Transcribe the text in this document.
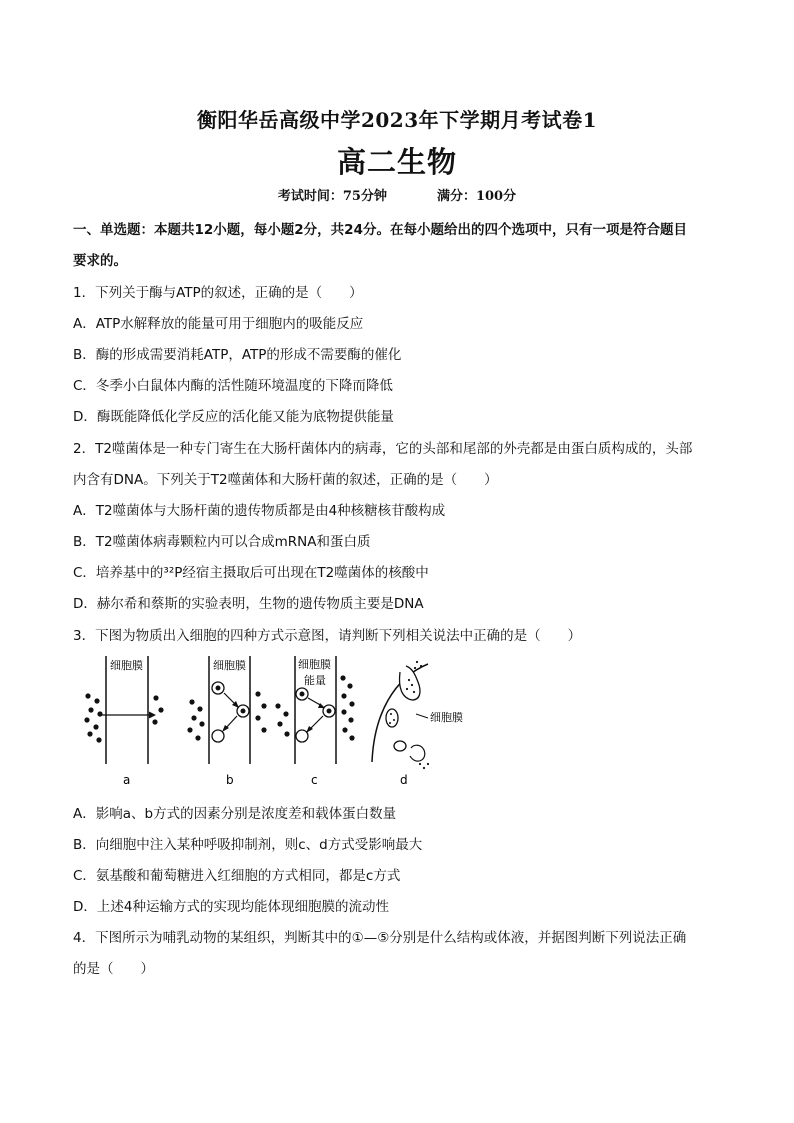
衡阳华岳高级中学2023年下学期月考试卷1
高二生物
考试时间：75分钟	满分：100分
一、单选题：本题共12小题，每小题2分，共24分。在每小题给出的四个选项中，只有一项是符合题目
要求的。
1．下列关于酶与ATP的叙述，正确的是（　　）
A．ATP水解释放的能量可用于细胞内的吸能反应
B．酶的形成需要消耗ATP，ATP的形成不需要酶的催化
C．冬季小白鼠体内酶的活性随环境温度的下降而降低
D．酶既能降低化学反应的活化能又能为底物提供能量
2．T2噬菌体是一种专门寄生在大肠杆菌体内的病毒，它的头部和尾部的外壳都是由蛋白质构成的，头部
内含有DNA。下列关于T2噬菌体和大肠杆菌的叙述，正确的是（　　）
A．T2噬菌体与大肠杆菌的遗传物质都是由4种核糖核苷酸构成
B．T2噬菌体病毒颗粒内可以合成mRNA和蛋白质
C．培养基中的³²P经宿主摄取后可出现在T2噬菌体的核酸中
D．赫尔希和蔡斯的实验表明，生物的遗传物质主要是DNA
3．下图为物质出入细胞的四种方式示意图，请判断下列相关说法中正确的是（　　）
细胞膜
a
细胞膜
b
细胞膜
能量
c
细胞膜
d
A．影响a、b方式的因素分别是浓度差和载体蛋白数量
B．向细胞中注入某种呼吸抑制剂，则c、d方式受影响最大
C．氨基酸和葡萄糖进入红细胞的方式相同，都是c方式
D．上述4种运输方式的实现均能体现细胞膜的流动性
4．下图所示为哺乳动物的某组织，判断其中的①—⑤分别是什么结构或体液，并据图判断下列说法正确
的是（　　）
